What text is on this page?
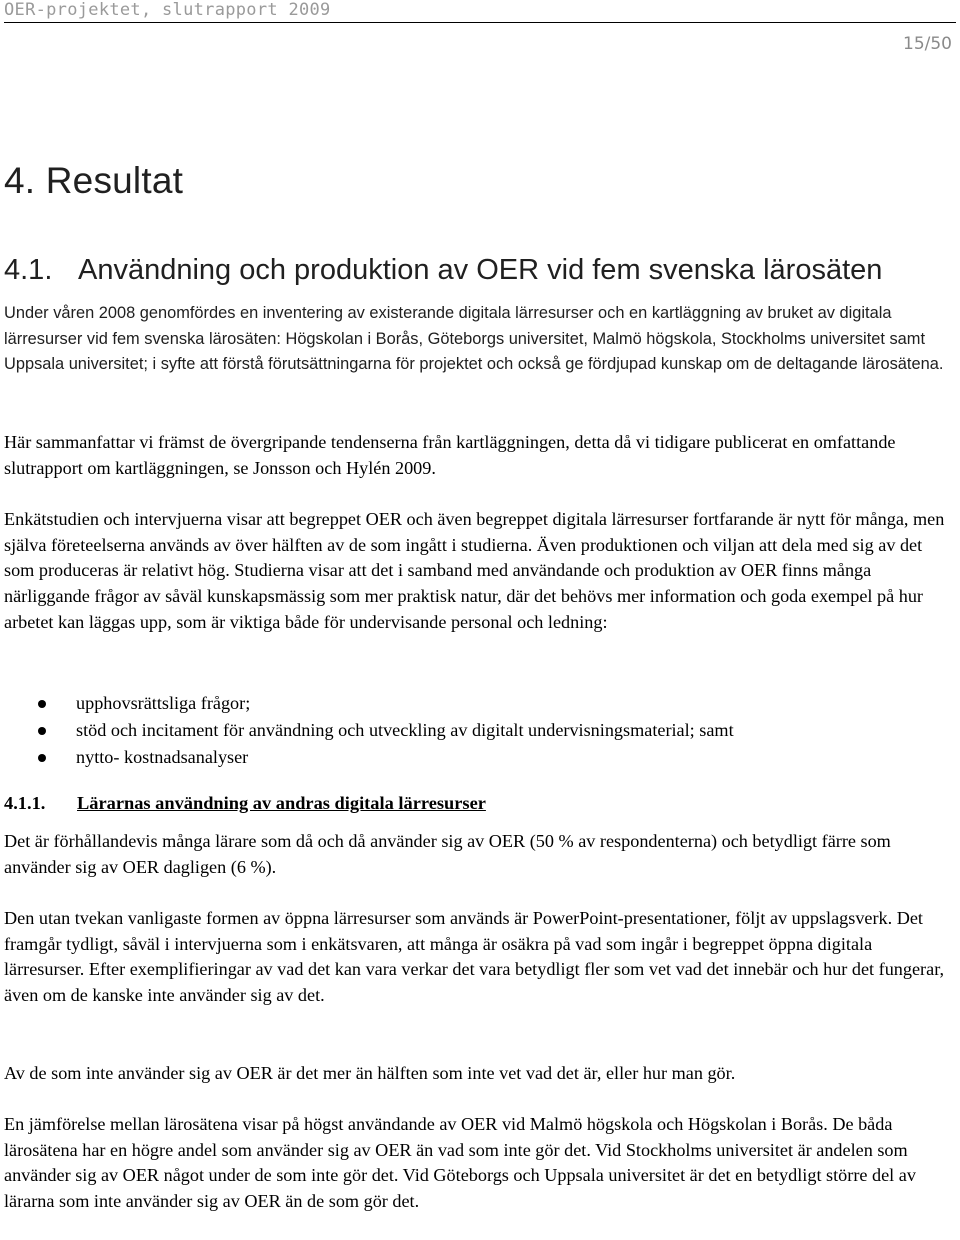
OER-projektet, slutrapport 2009
15/50
4. Resultat
4.1. Användning och produktion av OER vid fem svenska lärosäten

Under våren 2008 genomfördes en inventering av existerande digitala lärresurser och en kartläggning av bruket av digitala lärresurser vid fem svenska lärosäten: Högskolan i Borås, Göteborgs universitet, Malmö högskola, Stockholms universitet samt Uppsala universitet; i syfte att förstå förutsättningarna för projektet och också ge fördjupad kunskap om de deltagande lärosätena.

Här sammanfattar vi främst de övergripande tendenserna från kartläggningen, detta då vi tidigare publicerat en omfattande slutrapport om kartläggningen, se Jonsson och Hylén 2009.

Enkätstudien och intervjuerna visar att begreppet OER och även begreppet digitala lärresurser fortfarande är nytt för många, men själva företeelserna används av över hälften av de som ingått i studierna. Även produktionen och viljan att dela med sig av det som produceras är relativt hög. Studierna visar att det i samband med användande och produktion av OER finns många närliggande frågor av såväl kunskapsmässig som mer praktisk natur, där det behövs mer information och goda exempel på hur arbetet kan läggas upp, som är viktiga både för undervisande personal och ledning:

upphovsrättsliga frågor;
stöd och incitament för användning och utveckling av digitalt undervisningsmaterial; samt
nytto- kostnadsanalyser
4.1.1. Lärarnas användning av andras digitala lärresurser

Det är förhållandevis många lärare som då och då använder sig av OER (50 % av respondenterna) och betydligt färre som använder sig av OER dagligen (6 %).

Den utan tvekan vanligaste formen av öppna lärresurser som används är PowerPoint-presentationer, följt av uppslagsverk. Det framgår tydligt, såväl i intervjuerna som i enkätsvaren, att många är osäkra på vad som ingår i begreppet öppna digitala lärresurser. Efter exemplifieringar av vad det kan vara verkar det vara betydligt fler som vet vad det innebär och hur det fungerar, även om de kanske inte använder sig av det.

Av de som inte använder sig av OER är det mer än hälften som inte vet vad det är, eller hur man gör.

En jämförelse mellan lärosätena visar på högst användande av OER vid Malmö högskola och Högskolan i Borås. De båda lärosätena har en högre andel som använder sig av OER än vad som inte gör det. Vid Stockholms universitet är andelen som använder sig av OER något under de som inte gör det. Vid Göteborgs och Uppsala universitet är det en betydligt större del av lärarna som inte använder sig av OER än de som gör det.
